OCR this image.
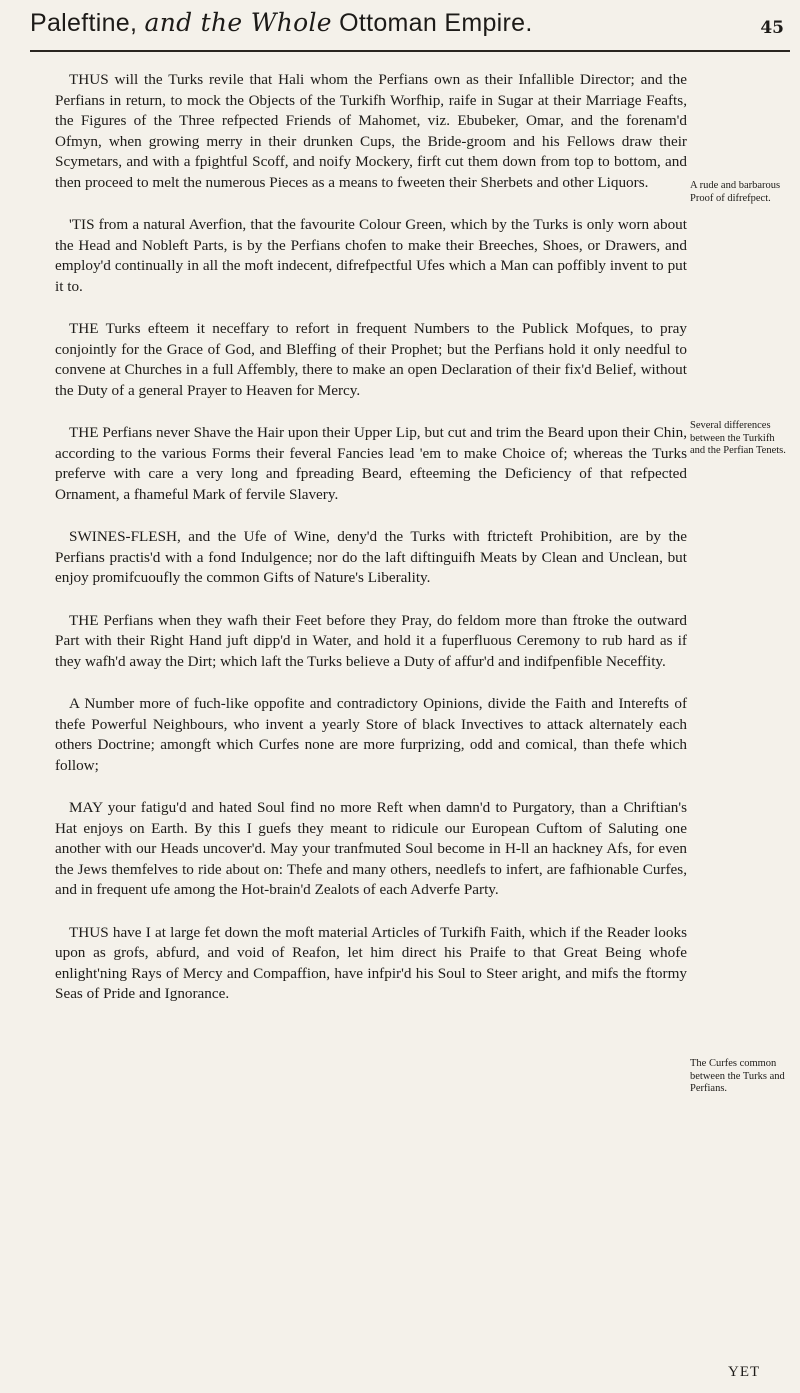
Paleftine, and the Whole Ottoman Empire.	45

THUS will the Turks revile that Hali whom the Perfians own as their Infallible Director; and the Perfians in return, to mock the Objects of the Turkifh Worfhip, raife in Sugar at their Marriage Feafts, the Figures of the Three refpected Friends of Mahomet, viz. Ebubeker, Omar, and the forenam'd Ofmyn, when growing merry in their drunken Cups, the Bride-groom and his Fellows draw their Scymetars, and with a fpightful Scoff, and noify Mockery, firft cut them down from top to bottom, and then proceed to melt the numerous Pieces as a means to fweeten their Sherbets and other Liquors.

'TIS from a natural Averfion, that the favourite Colour Green, which by the Turks is only worn about the Head and Nobleft Parts, is by the Perfians chofen to make their Breeches, Shoes, or Drawers, and employ'd continually in all the moft indecent, difrefpectful Ufes which a Man can poffibly invent to put it to.

THE Turks efteem it neceffary to refort in frequent Numbers to the Publick Mofques, to pray conjointly for the Grace of God, and Bleffing of their Prophet; but the Perfians hold it only needful to convene at Churches in a full Affembly, there to make an open Declaration of their fix'd Belief, without the Duty of a general Prayer to Heaven for Mercy.

THE Perfians never Shave the Hair upon their Upper Lip, but cut and trim the Beard upon their Chin, according to the various Forms their feveral Fancies lead 'em to make Choice of; whereas the Turks preferve with care a very long and fpreading Beard, efteeming the Deficiency of that refpected Ornament, a fhameful Mark of fervile Slavery.

SWINES-FLESH, and the Ufe of Wine, deny'd the Turks with ftricteft Prohibition, are by the Perfians practis'd with a fond Indulgence; nor do the laft diftinguifh Meats by Clean and Unclean, but enjoy promifcuoufly the common Gifts of Nature's Liberality.

THE Perfians when they wafh their Feet before they Pray, do feldom more than ftroke the outward Part with their Right Hand juft dipp'd in Water, and hold it a fuperfluous Ceremony to rub hard as if they wafh'd away the Dirt; which laft the Turks believe a Duty of affur'd and indifpenfible Neceffity.

A Number more of fuch-like oppofite and contradictory Opinions, divide the Faith and Interefts of thefe Powerful Neighbours, who invent a yearly Store of black Invectives to attack alternately each others Doctrine; amongft which Curfes none are more furprizing, odd and comical, than thefe which follow;

MAY your fatigu'd and hated Soul find no more Reft when damn'd to Purgatory, than a Chriftian's Hat enjoys on Earth. By this I guefs they meant to ridicule our European Cuftom of Saluting one another with our Heads uncover'd. May your tranfmuted Soul become in H-ll an hackney Afs, for even the Jews themfelves to ride about on: Thefe and many others, needlefs to infert, are fafhionable Curfes, and in frequent ufe among the Hot-brain'd Zealots of each Adverfe Party.

THUS have I at large fet down the moft material Articles of Turkifh Faith, which if the Reader looks upon as grofs, abfurd, and void of Reafon, let him direct his Praife to that Great Being whofe enlight'ning Rays of Mercy and Compaffion, have infpir'd his Soul to Steer aright, and mifs the ftormy Seas of Pride and Ignorance.

A rude and barbarous Proof of difrefpect.
Several differences between the Turkifh and the Perfian Tenets.
The Curfes common between the Turks and Perfians.
YET
